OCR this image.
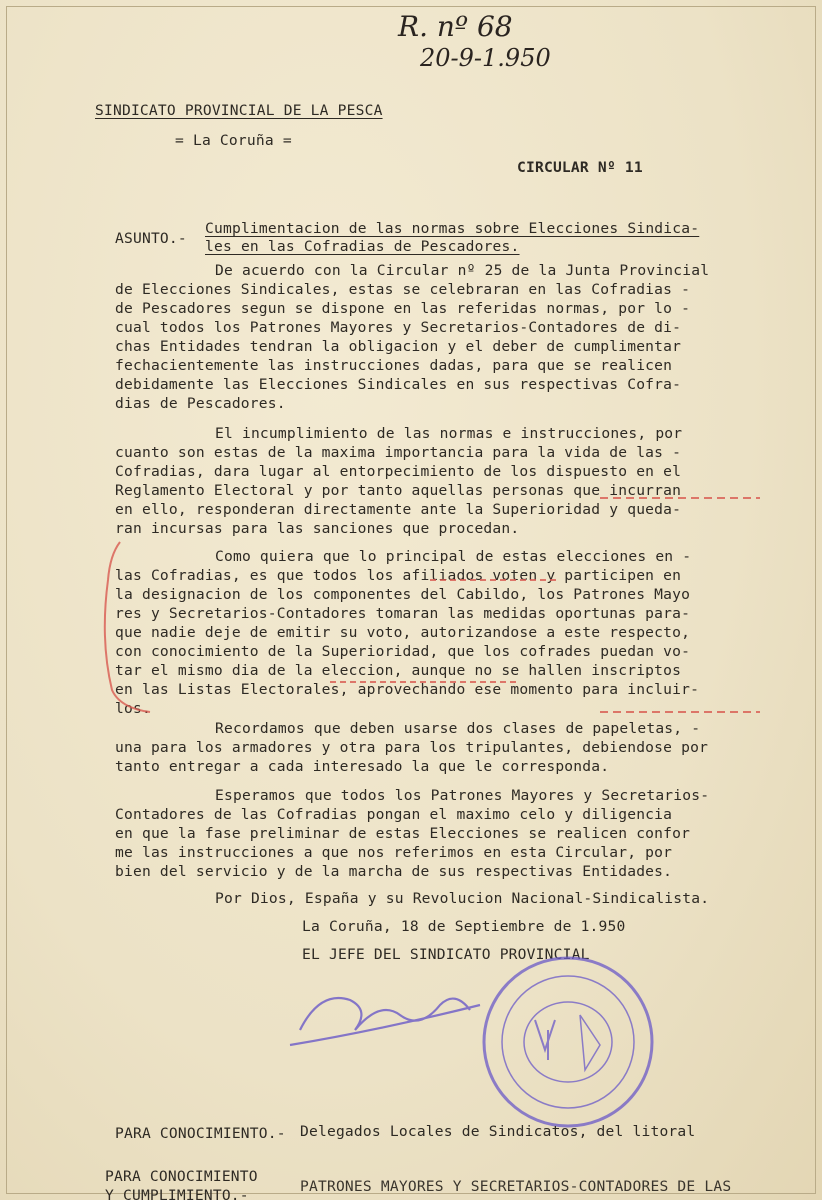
R. nº 68
20-9-1.950
SINDICATO PROVINCIAL DE LA PESCA
= La Coruña =
CIRCULAR Nº 11
ASUNTO.-
Cumplimentacion de las normas sobre Elecciones Sindica-
les en las Cofradias de Pescadores.
De acuerdo con la Circular nº 25 de la Junta Provincial
de Elecciones Sindicales, estas se celebraran en las Cofradias -
de Pescadores segun se dispone en las referidas normas, por lo -
cual todos los Patrones Mayores y Secretarios-Contadores de di-
chas Entidades tendran la obligacion y el deber de cumplimentar
fechacientemente las instrucciones dadas, para que se realicen
debidamente las Elecciones Sindicales en sus respectivas Cofra-
dias de Pescadores.
El incumplimiento de las normas e instrucciones, por
cuanto son estas de la maxima importancia para la vida de las -
Cofradias, dara lugar al entorpecimiento de los dispuesto en el
Reglamento Electoral y por tanto aquellas personas que incurran
en ello, responderan directamente ante la Superioridad y queda-
ran incursas para las sanciones que procedan.
Como quiera que lo principal de estas elecciones en -
las Cofradias, es que todos los afiliados voten y participen en
la designacion de los componentes del Cabildo, los Patrones Mayo
res y Secretarios-Contadores tomaran las medidas oportunas para-
que nadie deje de emitir su voto, autorizandose a este respecto,
con conocimiento de la Superioridad, que los cofrades puedan vo-
tar el mismo dia de la eleccion, aunque no se hallen inscriptos
en las Listas Electorales, aprovechando ese momento para incluir-
los.
Recordamos que deben usarse dos clases de papeletas, -
una para los armadores y otra para los tripulantes, debiendose por
tanto entregar a cada interesado la que le corresponda.
Esperamos que todos los Patrones Mayores y Secretarios-
Contadores de las Cofradias pongan el maximo celo y diligencia
en que la fase preliminar de estas Elecciones se realicen confor
me las instrucciones a que nos referimos en esta Circular, por
bien del servicio y de la marcha de sus respectivas Entidades.
Por Dios, España y su Revolucion Nacional-Sindicalista.
La Coruña, 18 de Septiembre de 1.950
EL JEFE DEL SINDICATO PROVINCIAL
PARA CONOCIMIENTO.- Delegados Locales de Sindicatos, del litoral
PARA CONOCIMIENTO
Y CUMPLIMIENTO.-
PATRONES MAYORES Y SECRETARIOS-CONTADORES DE LAS
